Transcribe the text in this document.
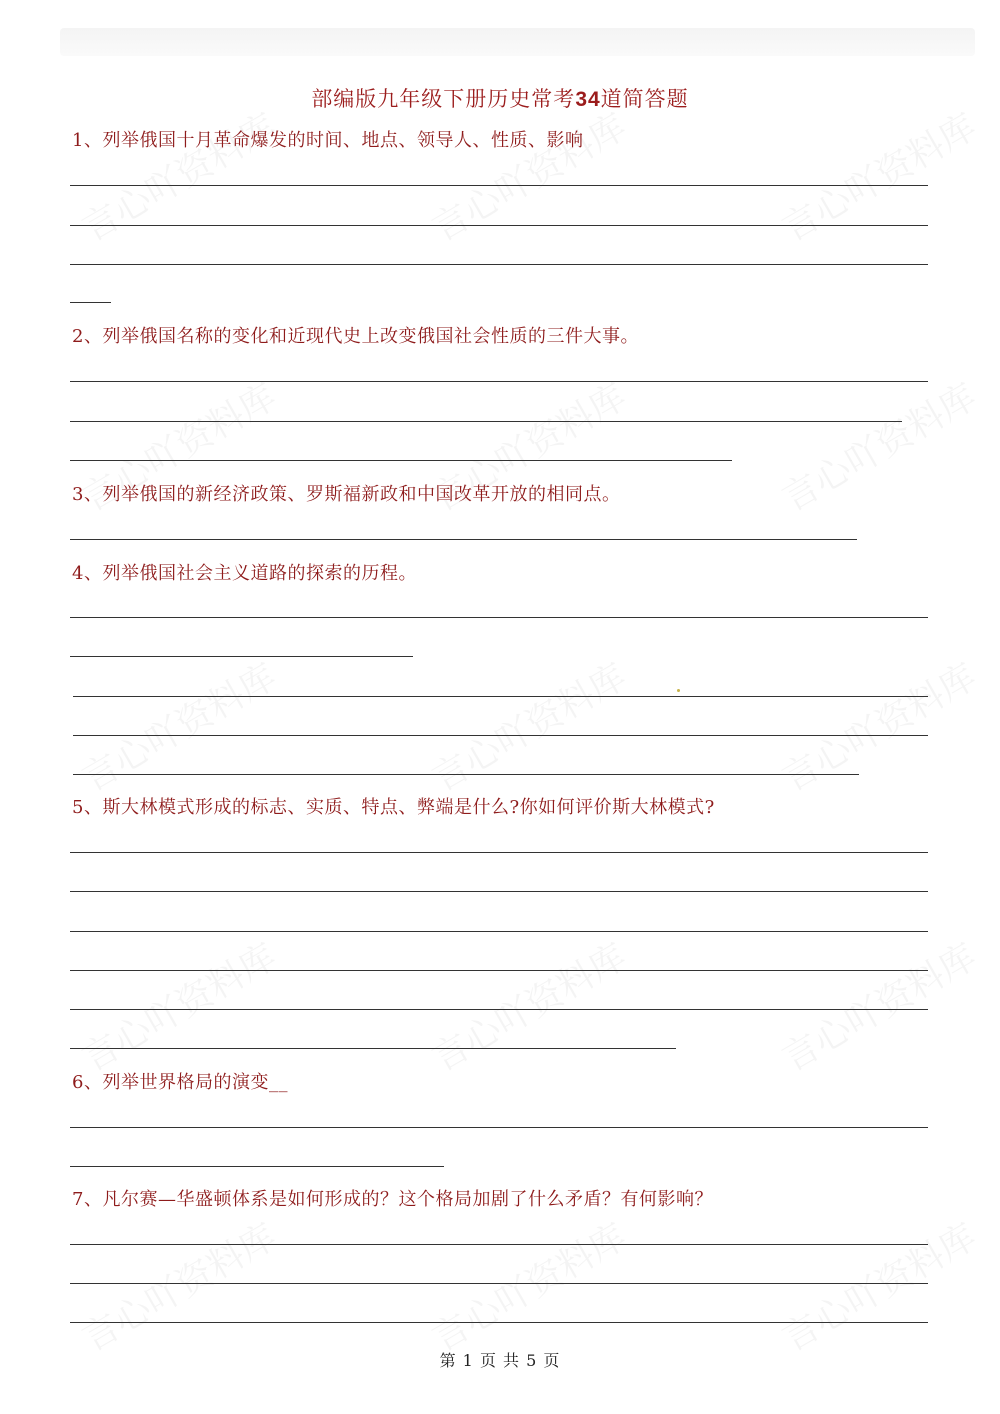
部编版九年级下册历史常考34道简答题
1、列举俄国十月革命爆发的时间、地点、领导人、性质、影响
2、列举俄国名称的变化和近现代史上改变俄国社会性质的三件大事。
3、列举俄国的新经济政策、罗斯福新政和中国改革开放的相同点。
4、列举俄国社会主义道路的探索的历程。
5、斯大林模式形成的标志、实质、特点、弊端是什么?你如何评价斯大林模式?
6、列举世界格局的演变__
7、凡尔赛—华盛顿体系是如何形成的？这个格局加剧了什么矛盾？有何影响？
第 1 页 共 5 页
